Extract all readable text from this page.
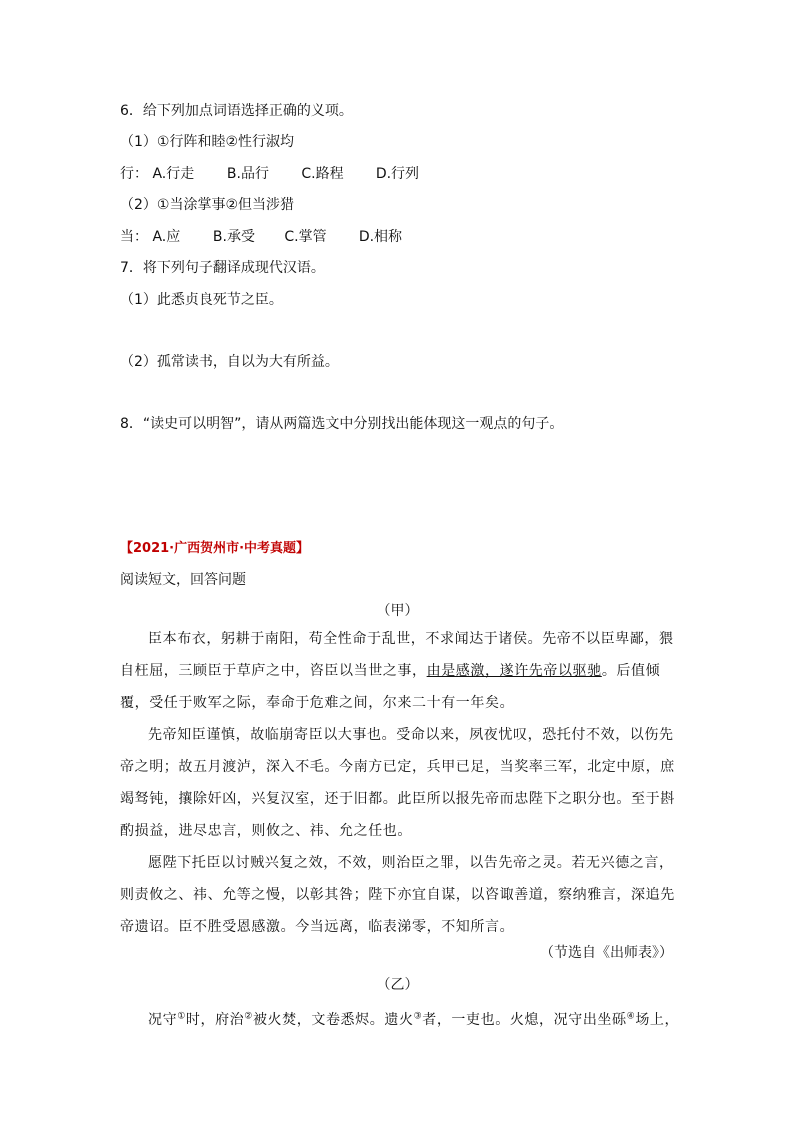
6．给下列加点词语选择正确的义项。
（1）①行阵和睦②性行淑均
行： A.行走 B.品行 C.路程 D.行列
（2）①当涂掌事②但当涉猎
当： A.应 B.承受 C.掌管 D.相称
7．将下列句子翻译成现代汉语。
（1）此悉贞良死节之臣。
（2）孤常读书，自以为大有所益。
8．“读史可以明智”，请从两篇选文中分别找出能体现这一观点的句子。
【2021·广西贺州市·中考真题】
阅读短文，回答问题
（甲）
臣本布衣，躬耕于南阳，苟全性命于乱世，不求闻达于诸侯。先帝不以臣卑鄙，猥自枉屈，三顾臣于草庐之中，咨臣以当世之事，由是感激，遂许先帝以驱驰。后值倾覆，受任于败军之际，奉命于危难之间，尔来二十有一年矣。
先帝知臣谨慎，故临崩寄臣以大事也。受命以来，夙夜忧叹，恐托付不效，以伤先帝之明；故五月渡泸，深入不毛。今南方已定，兵甲已足，当奖率三军，北定中原，庶竭驽钝，攘除奸凶，兴复汉室，还于旧都。此臣所以报先帝而忠陛下之职分也。至于斟酌损益，进尽忠言，则攸之、祎、允之任也。
愿陛下托臣以讨贼兴复之效，不效，则治臣之罪，以告先帝之灵。若无兴德之言，则责攸之、祎、允等之慢，以彰其咎；陛下亦宜自谋，以咨诹善道，察纳雅言，深追先帝遗诏。臣不胜受恩感激。今当远离，临表涕零，不知所言。
（节选自《出师表》）
（乙）
况守①时，府治②被火焚，文卷悉烬。遗火③者，一吏也。火熄，况守出坐砾④场上，
